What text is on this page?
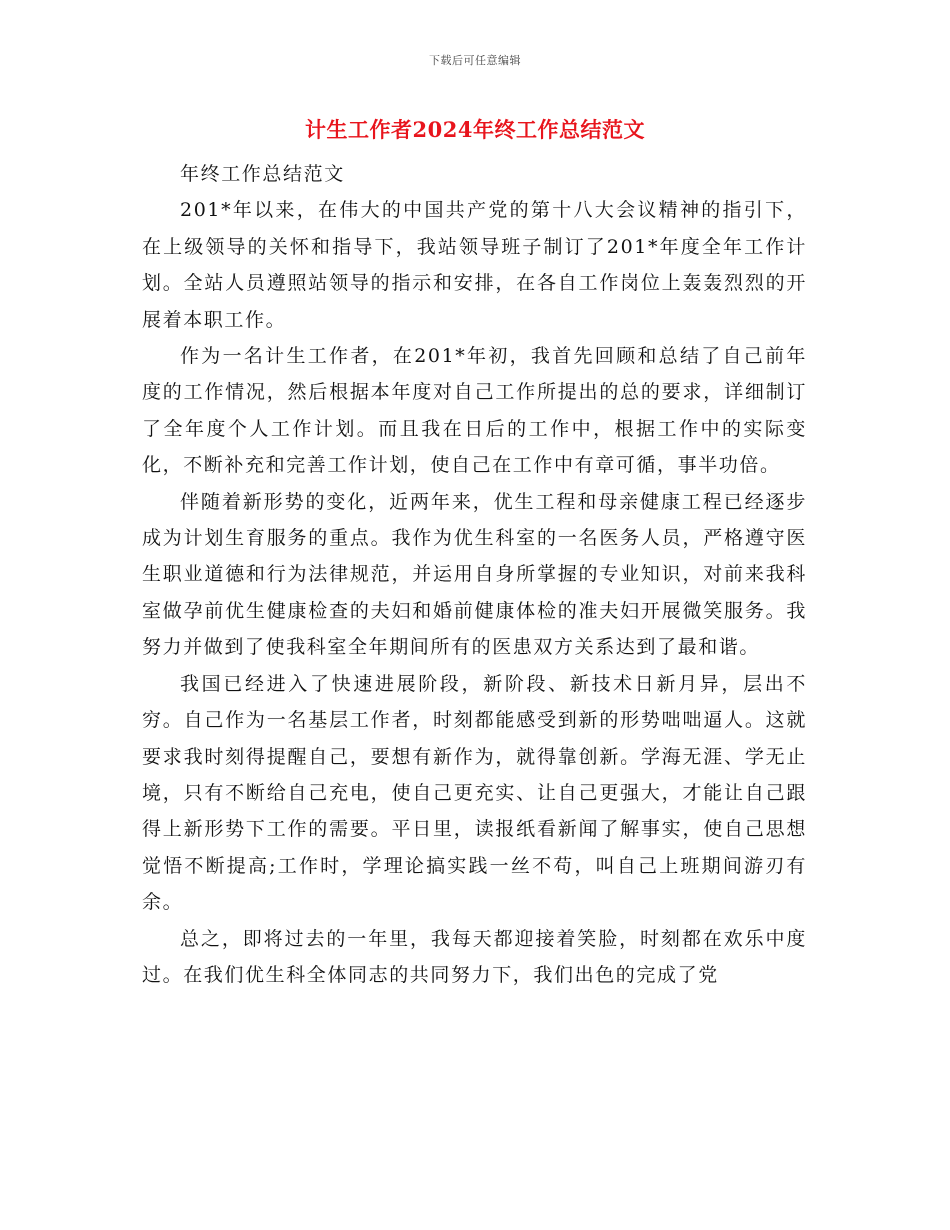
下载后可任意编辑
计生工作者2024年终工作总结范文

年终工作总结范文

201*年以来，在伟大的中国共产党的第十八大会议精神的指引下，在上级领导的关怀和指导下，我站领导班子制订了201*年度全年工作计划。全站人员遵照站领导的指示和安排，在各自工作岗位上轰轰烈烈的开展着本职工作。

作为一名计生工作者，在201*年初，我首先回顾和总结了自己前年度的工作情况，然后根据本年度对自己工作所提出的总的要求，详细制订了全年度个人工作计划。而且我在日后的工作中，根据工作中的实际变化，不断补充和完善工作计划，使自己在工作中有章可循，事半功倍。

伴随着新形势的变化，近两年来，优生工程和母亲健康工程已经逐步成为计划生育服务的重点。我作为优生科室的一名医务人员，严格遵守医生职业道德和行为法律规范，并运用自身所掌握的专业知识，对前来我科室做孕前优生健康检查的夫妇和婚前健康体检的准夫妇开展微笑服务。我努力并做到了使我科室全年期间所有的医患双方关系达到了最和谐。

我国已经进入了快速进展阶段，新阶段、新技术日新月异，层出不穷。自己作为一名基层工作者，时刻都能感受到新的形势咄咄逼人。这就要求我时刻得提醒自己，要想有新作为，就得靠创新。学海无涯、学无止境，只有不断给自己充电，使自己更充实、让自己更强大，才能让自己跟得上新形势下工作的需要。平日里，读报纸看新闻了解事实，使自己思想觉悟不断提高;工作时，学理论搞实践一丝不苟，叫自己上班期间游刃有余。

总之，即将过去的一年里，我每天都迎接着笑脸，时刻都在欢乐中度过。在我们优生科全体同志的共同努力下，我们出色的完成了党
